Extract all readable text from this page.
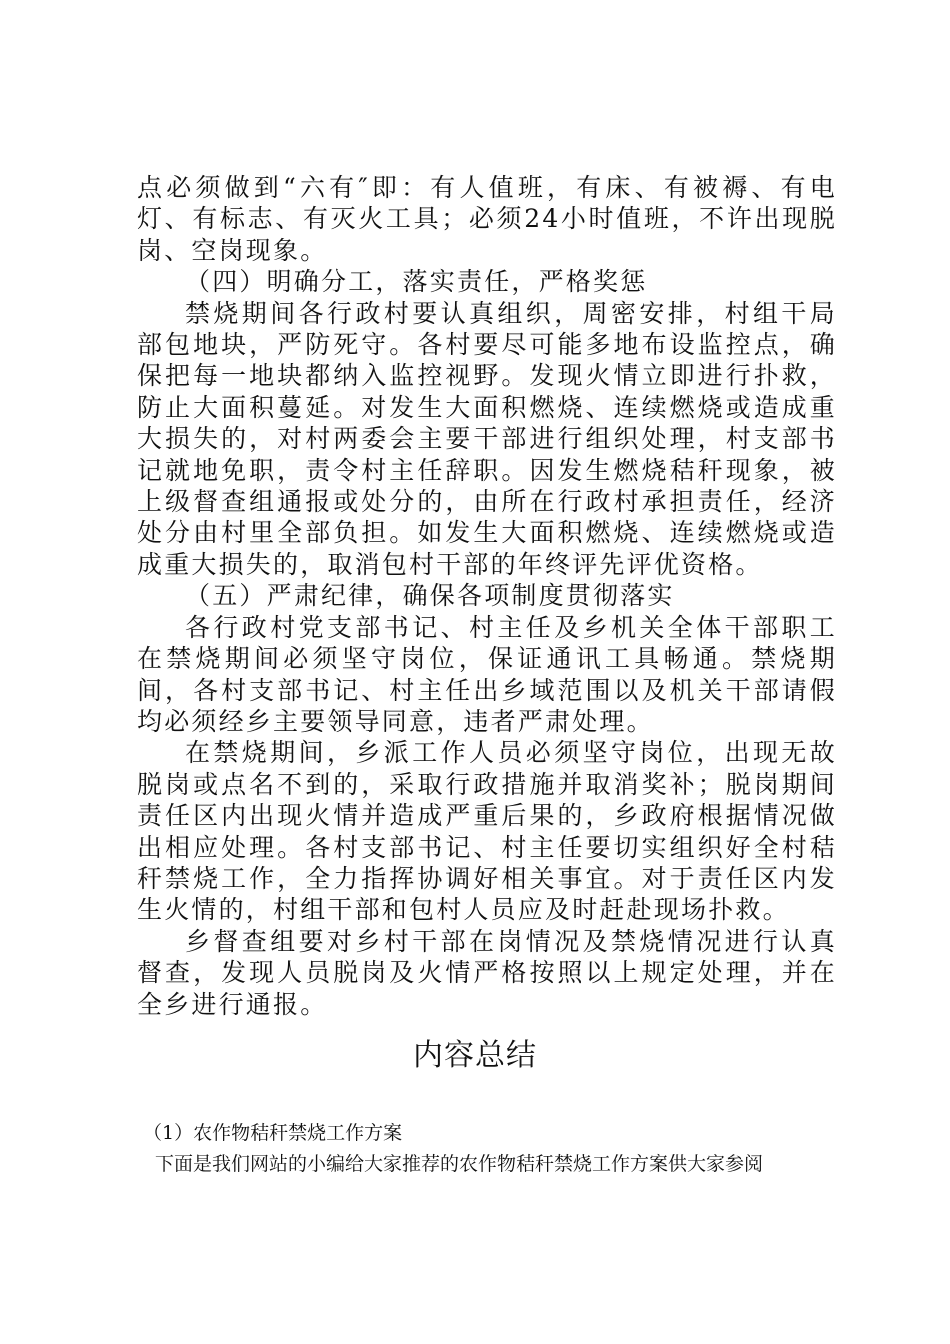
点必须做到“六有″即：有人值班，有床、有被褥、有电灯、有标志、有灭火工具；必须24小时值班，不许出现脱岗、空岗现象。

（四）明确分工，落实责任，严格奖惩

禁烧期间各行政村要认真组织，周密安排，村组干局部包地块，严防死守。各村要尽可能多地布设监控点，确保把每一地块都纳入监控视野。发现火情立即进行扑救，防止大面积蔓延。对发生大面积燃烧、连续燃烧或造成重大损失的，对村两委会主要干部进行组织处理，村支部书记就地免职，责令村主任辞职。因发生燃烧秸秆现象，被上级督查组通报或处分的，由所在行政村承担责任，经济处分由村里全部负担。如发生大面积燃烧、连续燃烧或造成重大损失的，取消包村干部的年终评先评优资格。

（五）严肃纪律，确保各项制度贯彻落实

各行政村党支部书记、村主任及乡机关全体干部职工在禁烧期间必须坚守岗位，保证通讯工具畅通。禁烧期间，各村支部书记、村主任出乡域范围以及机关干部请假均必须经乡主要领导同意，违者严肃处理。

在禁烧期间，乡派工作人员必须坚守岗位，出现无故脱岗或点名不到的，采取行政措施并取消奖补；脱岗期间责任区内出现火情并造成严重后果的，乡政府根据情况做出相应处理。各村支部书记、村主任要切实组织好全村秸秆禁烧工作，全力指挥协调好相关事宜。对于责任区内发生火情的，村组干部和包村人员应及时赶赴现场扑救。

乡督查组要对乡村干部在岗情况及禁烧情况进行认真督查，发现人员脱岗及火情严格按照以上规定处理，并在全乡进行通报。

内容总结

（1）农作物秸秆禁烧工作方案

下面是我们网站的小编给大家推荐的农作物秸秆禁烧工作方案供大家参阅
